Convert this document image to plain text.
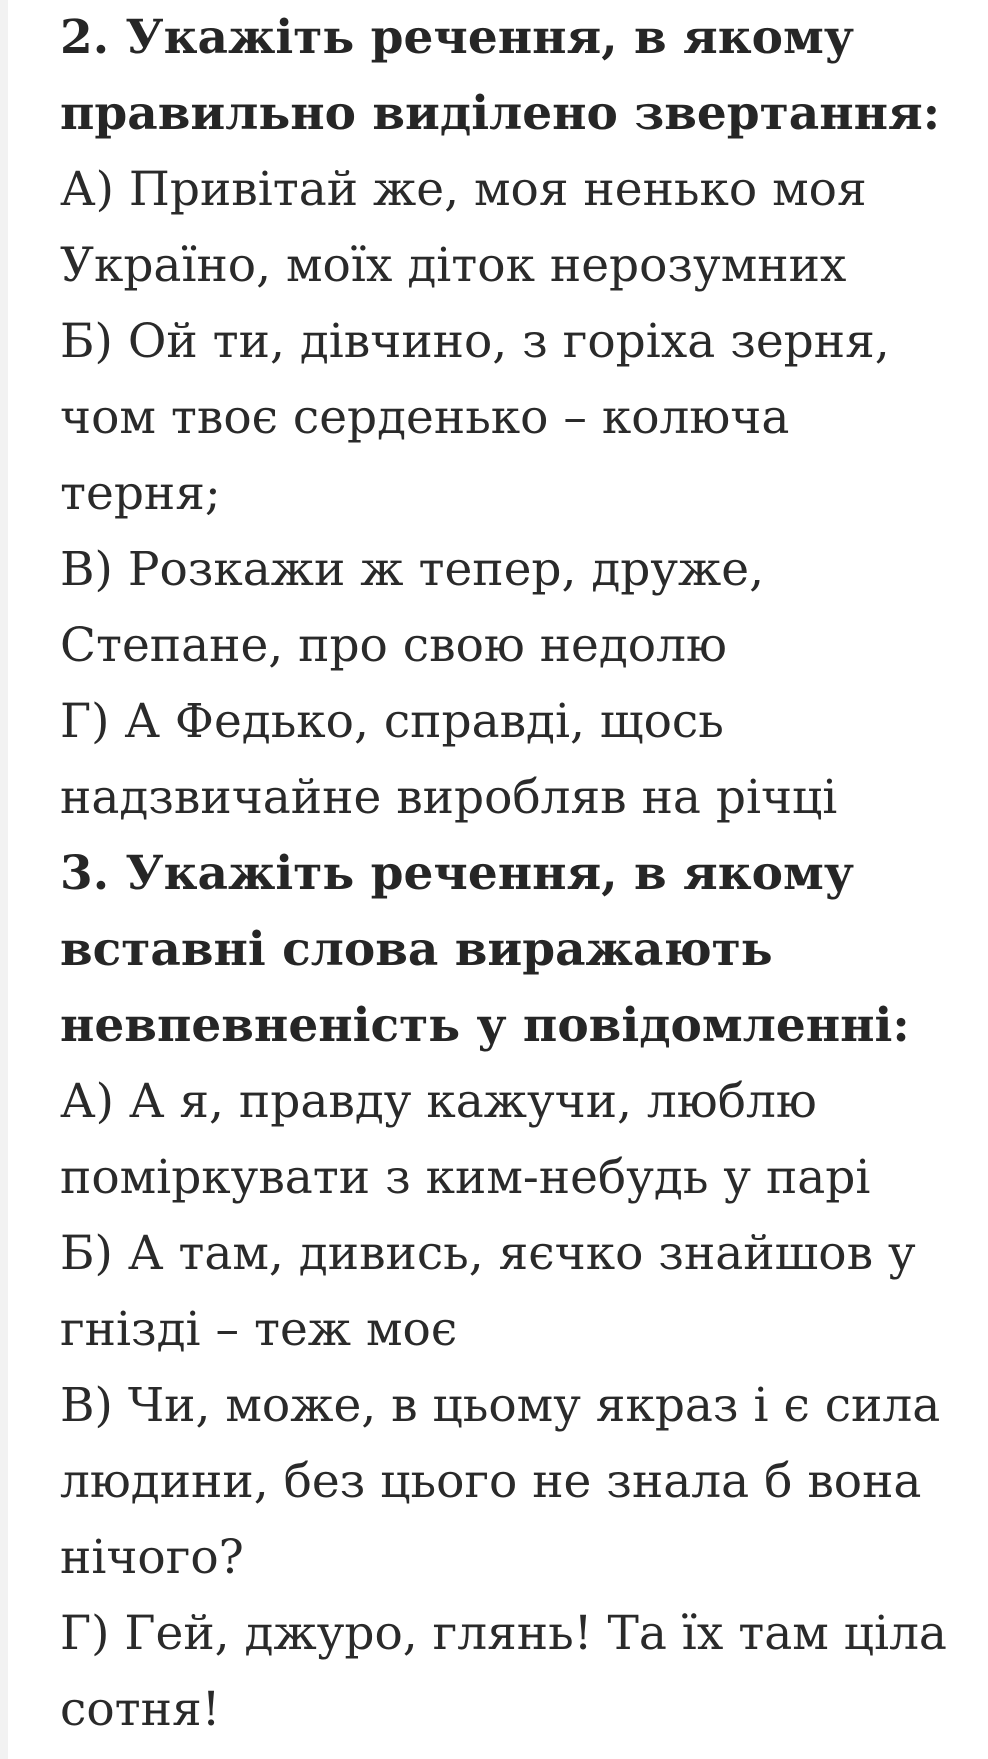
2. Укажіть речення, в якому
правильно виділено звертання:
А) Привітай же, моя ненько моя
Україно, моїх діток нерозумних
Б) Ой ти, дівчино, з горіха зерня,
чом твоє серденько – колюча
терня;
В) Розкажи ж тепер, друже,
Степане, про свою недолю
Г) А Федько, справді, щось
надзвичайне виробляв на річці
3. Укажіть речення, в якому
вставні слова виражають
невпевненість у повідомленні:
А) А я, правду кажучи, люблю
поміркувати з ким-небудь у парі
Б) А там, дивись, яєчко знайшов у
гнізді – теж моє
В) Чи, може, в цьому якраз і є сила
людини, без цього не знала б вона
нічого?
Г) Гей, джуро, глянь! Та їх там ціла
сотня!
